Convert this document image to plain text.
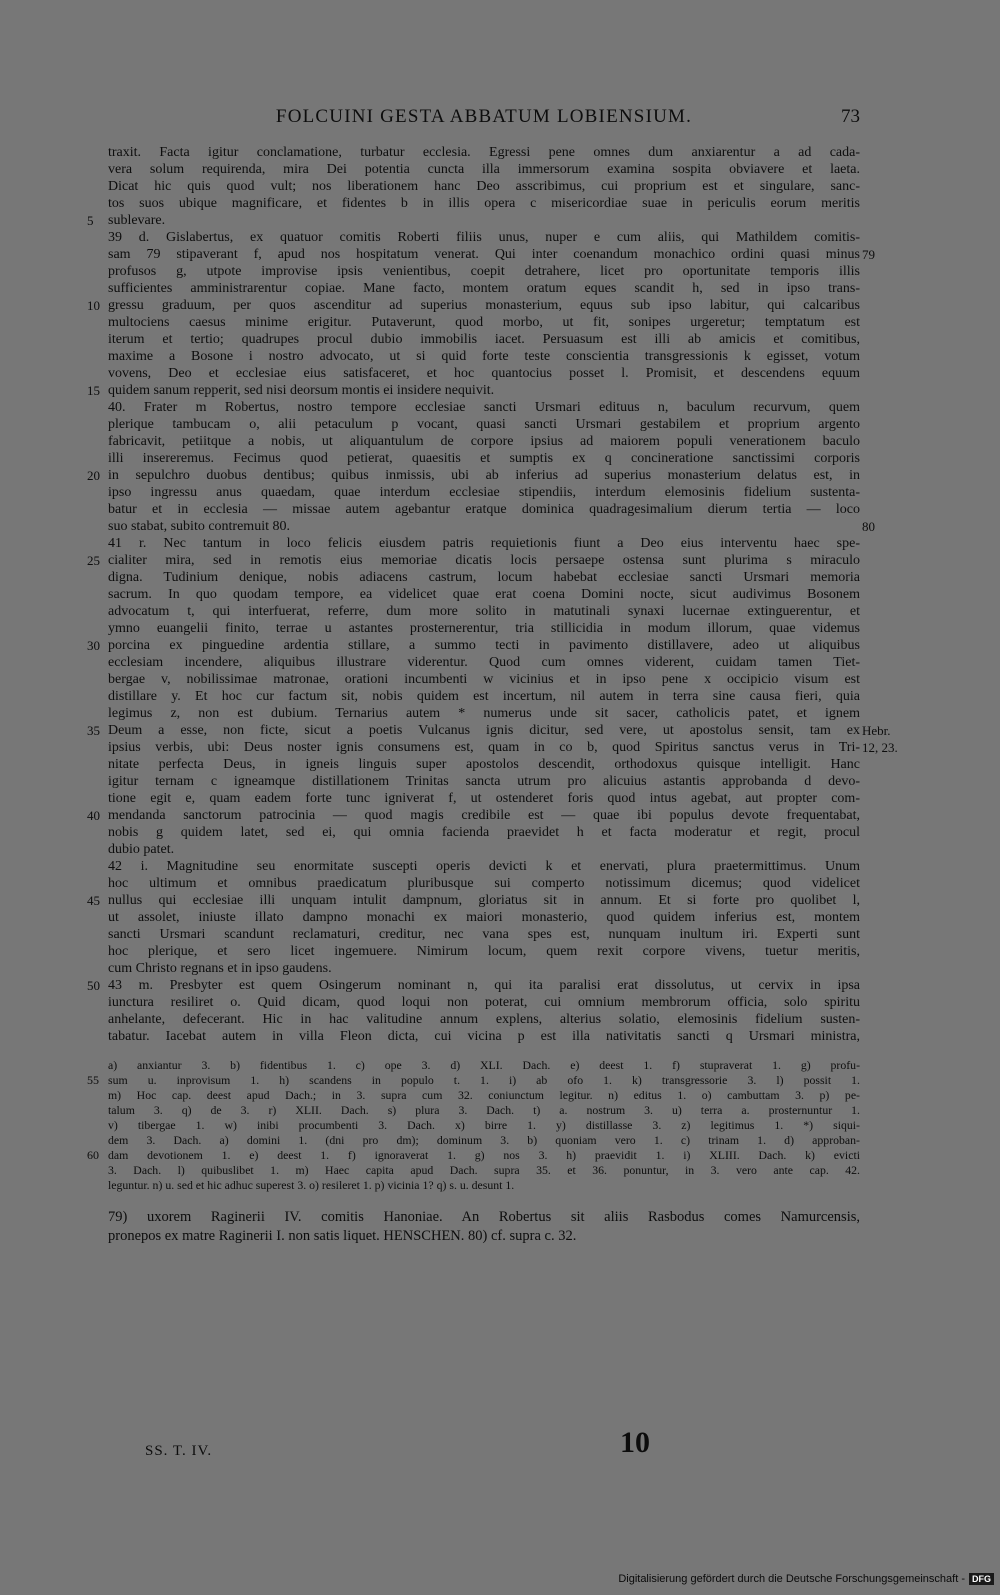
FOLCUINI GESTA ABBATUM LOBIENSIUM.	73
traxit. Facta igitur conclamatione, turbatur ecclesia. Egressi pene omnes dum anxiarentur a ad cada-
vera solum requirenda, mira Dei potentia cuncta illa immersorum examina sospita obviavere et laeta.
Dicat hic quis quod vult; nos liberationem hanc Deo asscribimus, cui proprium est et singulare, sanc-
tos suos ubique magnificare, et fidentes b in illis opera c misericordiae suae in periculis eorum meritis
sublevare.
39 d. Gislabertus, ex quatuor comitis Roberti filiis unus, nuper e cum aliis, qui Mathildem comitis-
sam 79 stipaverant f, apud nos hospitatum venerat. Qui inter coenandum monachico ordini quasi minus
profusos g, utpote improvise ipsis venientibus, coepit detrahere, licet pro oportunitate temporis illis
sufficientes amministrarentur copiae. Mane facto, montem oratum eques scandit h, sed in ipso trans-
gressu graduum, per quos ascenditur ad superius monasterium, equus sub ipso labitur, qui calcaribus
multociens caesus minime erigitur. Putaverunt, quod morbo, ut fit, sonipes urgeretur; temptatum est
iterum et tertio; quadrupes procul dubio immobilis iacet. Persuasum est illi ab amicis et comitibus,
maxime a Bosone i nostro advocato, ut si quid forte teste conscientia transgressionis k egisset, votum
vovens, Deo et ecclesiae eius satisfaceret, et hoc quantocius posset l. Promisit, et descendens equum
quidem sanum repperit, sed nisi deorsum montis ei insidere nequivit.
40. Frater m Robertus, nostro tempore ecclesiae sancti Ursmari edituus n, baculum recurvum, quem
plerique tambucam o, alii petaculum p vocant, quasi sancti Ursmari gestabilem et proprium argento
fabricavit, petiitque a nobis, ut aliquantulum de corpore ipsius ad maiorem populi venerationem baculo
illi insereremus. Fecimus quod petierat, quaesitis et sumptis ex q concineratione sanctissimi corporis
in sepulchro duobus dentibus; quibus inmissis, ubi ab inferius ad superius monasterium delatus est, in
ipso ingressu anus quaedam, quae interdum ecclesiae stipendiis, interdum elemosinis fidelium sustenta-
batur et in ecclesia — missae autem agebantur eratque dominica quadragesimalium dierum tertia — loco
suo stabat, subito contremuit 80.
41 r. Nec tantum in loco felicis eiusdem patris requietionis fiunt a Deo eius interventu haec spe-
cialiter mira, sed in remotis eius memoriae dicatis locis persaepe ostensa sunt plurima s miraculo
digna. Tudinium denique, nobis adiacens castrum, locum habebat ecclesiae sancti Ursmari memoria
sacrum. In quo quodam tempore, ea videlicet quae erat coena Domini nocte, sicut audivimus Bosonem
advocatum t, qui interfuerat, referre, dum more solito in matutinali synaxi lucernae extinguerentur, et
ymno euangelii finito, terrae u astantes prosternerentur, tria stillicidia in modum illorum, quae videmus
porcina ex pinguedine ardentia stillare, a summo tecti in pavimento distillavere, adeo ut aliquibus
ecclesiam incendere, aliquibus illustrare viderentur. Quod cum omnes viderent, cuidam tamen Tiet-
bergae v, nobilissimae matronae, orationi incumbenti w vicinius et in ipso pene x occipicio visum est
distillare y. Et hoc cur factum sit, nobis quidem est incertum, nil autem in terra sine causa fieri, quia
legimus z, non est dubium. Ternarius autem * numerus unde sit sacer, catholicis patet, et ignem
Deum a esse, non ficte, sicut a poetis Vulcanus ignis dicitur, sed vere, ut apostolus sensit, tam ex
ipsius verbis, ubi: Deus noster ignis consumens est, quam in co b, quod Spiritus sanctus verus in Tri-
nitate perfecta Deus, in igneis linguis super apostolos descendit, orthodoxus quisque intelligit. Hanc
igitur ternam c igneamque distillationem Trinitas sancta utrum pro alicuius astantis approbanda d devo-
tione egit e, quam eadem forte tunc igniverat f, ut ostenderet foris quod intus agebat, aut propter com-
mendanda sanctorum patrocinia — quod magis credibile est — quae ibi populus devote frequentabat,
nobis g quidem latet, sed ei, qui omnia facienda praevidet h et facta moderatur et regit, procul
dubio patet.
42 i. Magnitudine seu enormitate suscepti operis devicti k et enervati, plura praetermittimus. Unum
hoc ultimum et omnibus praedicatum pluribusque sui comperto notissimum dicemus; quod videlicet
nullus qui ecclesiae illi unquam intulit dampnum, gloriatus sit in annum. Et si forte pro quolibet l,
ut assolet, iniuste illato dampno monachi ex maiori monasterio, quod quidem inferius est, montem
sancti Ursmari scandunt reclamaturi, creditur, nec vana spes est, nunquam inultum iri. Experti sunt
hoc plerique, et sero licet ingemuere. Nimirum locum, quem rexit corpore vivens, tuetur meritis,
cum Christo regnans et in ipso gaudens.
43 m. Presbyter est quem Osingerum nominant n, qui ita paralisi erat dissolutus, ut cervix in ipsa
iunctura resiliret o. Quid dicam, quod loqui non poterat, cui omnium membrorum officia, solo spiritu
anhelante, defecerant. Hic in hac valitudine annum explens, alterius solatio, elemosinis fidelium susten-
tabatur. Iacebat autem in villa Fleon dicta, cui vicina p est illa nativitatis sancti q Ursmari ministra,
5
10
15
20
25
30
35
40
45
50
79
80
Hebr.
12, 23.
a) anxiantur 3. b) fidentibus 1. c) ope 3. d) XLI. Dach. e) deest 1. f) stupraverat 1. g) profu-
sum u. inprovisum 1. h) scandens in populo t. 1. i) ab ofo 1. k) transgressorie 3. l) possit 1.
m) Hoc cap. deest apud Dach.; in 3. supra cum 32. coniunctum legitur. n) editus 1. o) cambuttam 3. p) pe-
talum 3. q) de 3. r) XLII. Dach. s) plura 3. Dach. t) a. nostrum 3. u) terra a. prosternuntur 1.
v) tibergae 1. w) inibi procumbenti 3. Dach. x) birre 1. y) distillasse 3. z) legitimus 1. *) siqui-
dem 3. Dach. a) domini 1. (dni pro dm); dominum 3. b) quoniam vero 1. c) trinam 1. d) approban-
dam devotionem 1. e) deest 1. f) ignoraverat 1. g) nos 3. h) praevidit 1. i) XLIII. Dach. k) evicti
3. Dach. l) quibuslibet 1. m) Haec capita apud Dach. supra 35. et 36. ponuntur, in 3. vero ante cap. 42.
leguntur. n) u. sed et hic adhuc superest 3. o) resileret 1. p) vicinia 1? q) s. u. desunt 1.
55
60
79) uxorem Raginerii IV. comitis Hanoniae. An Robertus sit aliis Rasbodus comes Namurcensis,
pronepos ex matre Raginerii I. non satis liquet. HENSCHEN. 80) cf. supra c. 32.
SS. T. IV.	10
Digitalisierung gefördert durch die Deutsche Forschungsgemeinschaft - DFG
